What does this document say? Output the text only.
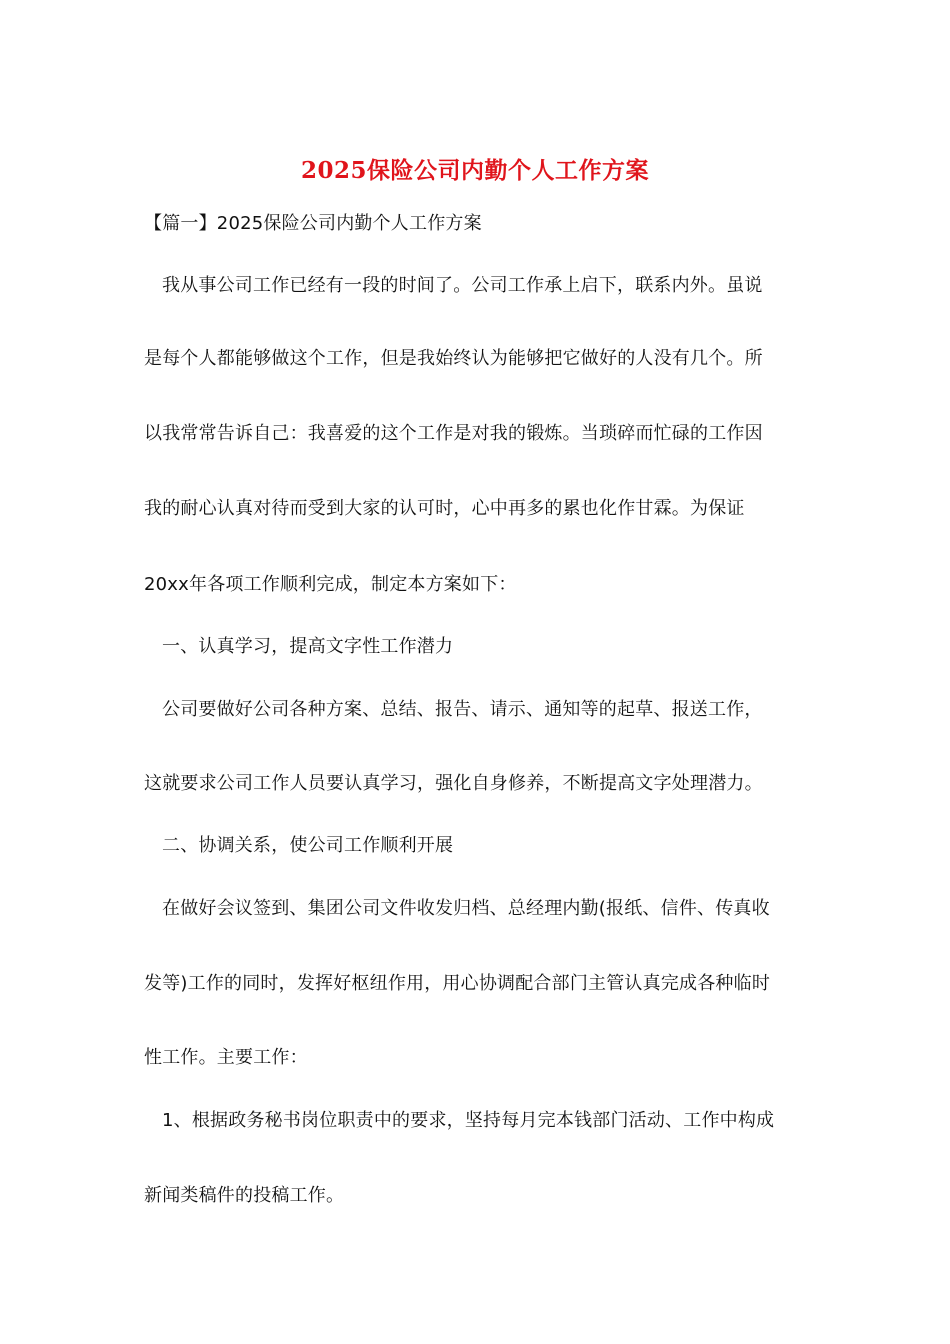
2025保险公司内勤个人工作方案
【篇一】2025保险公司内勤个人工作方案
我从事公司工作已经有一段的时间了。公司工作承上启下，联系内外。虽说
是每个人都能够做这个工作，但是我始终认为能够把它做好的人没有几个。所
以我常常告诉自己：我喜爱的这个工作是对我的锻炼。当琐碎而忙碌的工作因
我的耐心认真对待而受到大家的认可时，心中再多的累也化作甘霖。为保证
20xx年各项工作顺利完成，制定本方案如下：
一、认真学习，提高文字性工作潜力
公司要做好公司各种方案、总结、报告、请示、通知等的起草、报送工作，
这就要求公司工作人员要认真学习，强化自身修养，不断提高文字处理潜力。
二、协调关系，使公司工作顺利开展
在做好会议签到、集团公司文件收发归档、总经理内勤(报纸、信件、传真收
发等)工作的同时，发挥好枢纽作用，用心协调配合部门主管认真完成各种临时
性工作。主要工作：
1、根据政务秘书岗位职责中的要求，坚持每月完本钱部门活动、工作中构成
新闻类稿件的投稿工作。
